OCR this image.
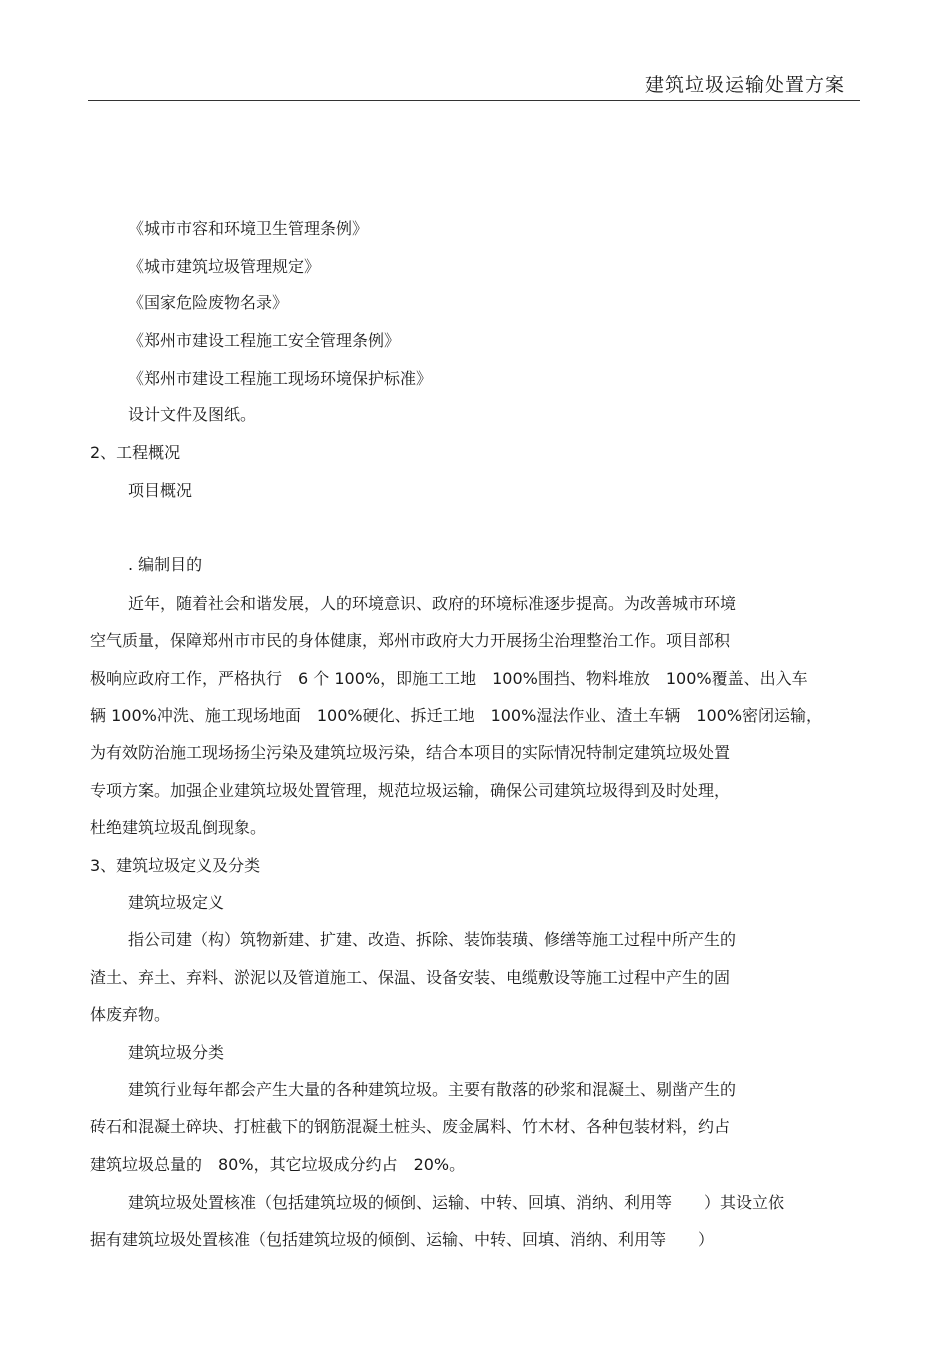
建筑垃圾运输处置方案
《城市市容和环境卫生管理条例》
《城市建筑垃圾管理规定》
《国家危险废物名录》
《郑州市建设工程施工安全管理条例》
《郑州市建设工程施工现场环境保护标准》
设计文件及图纸。
2、工程概况
项目概况
. 编制目的
近年，随着社会和谐发展，人的环境意识、政府的环境标准逐步提高。为改善城市环境
空气质量，保障郑州市市民的身体健康，郑州市政府大力开展扬尘治理整治工作。项目部积
极响应政府工作，严格执行　6 个 100%，即施工工地　100%围挡、物料堆放　100%覆盖、出入车
辆 100%冲洗、施工现场地面　100%硬化、拆迁工地　100%湿法作业、渣土车辆　100%密闭运输，
为有效防治施工现场扬尘污染及建筑垃圾污染，结合本项目的实际情况特制定建筑垃圾处置
专项方案。加强企业建筑垃圾处置管理，规范垃圾运输，确保公司建筑垃圾得到及时处理，
杜绝建筑垃圾乱倒现象。
3、建筑垃圾定义及分类
建筑垃圾定义
指公司建（构）筑物新建、扩建、改造、拆除、装饰装璜、修缮等施工过程中所产生的
渣土、弃土、弃料、淤泥以及管道施工、保温、设备安装、电缆敷设等施工过程中产生的固
体废弃物。
建筑垃圾分类
建筑行业每年都会产生大量的各种建筑垃圾。主要有散落的砂浆和混凝土、剔凿产生的
砖石和混凝土碎块、打桩截下的钢筋混凝土桩头、废金属料、竹木材、各种包装材料，约占
建筑垃圾总量的　80%，其它垃圾成分约占　20%。
建筑垃圾处置核准（包括建筑垃圾的倾倒、运输、中转、回填、消纳、利用等　　）其设立依
据有建筑垃圾处置核准（包括建筑垃圾的倾倒、运输、中转、回填、消纳、利用等　　）
